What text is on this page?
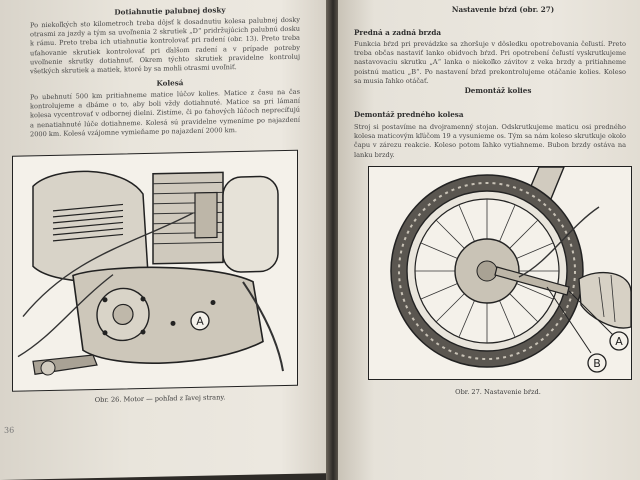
Dotiahnutie palubnej dosky
Po niekoľkých sto kilometroch treba dôjsť k dosadnutiu kolesa palubnej dosky otrasmi za jazdy a tým sa uvoľnenia 2 skrutiek „D“ pridržujúcich palubnú dosku k rámu. Preto treba ich utiahnutie kontrolovať pri radení (obr. 13). Preto treba uťahovanie skrutiek kontrolovať pri ďalšom radení a v prípade potreby uvoľnenie skrutky dotiahnuť. Okrem týchto skrutiek pravidelne kontroluj všetkých skrutiek a matiek, ktoré by sa mohli otrasmi uvoľniť.
Kolesá
Po ubehnutí 500 km pritiahneme matice lúčov kolies. Matice z času na čas kontrolujeme a dbáme o to, aby boli vždy dotiahnuté. Matice sa pri lámaní kolesa vycentrovať v odbornej dielni. Zistíme, či po ťahových lúčoch neprecíťujú a nenatiahnuté lúče dotiahneme. Kolesá sú pravidelne vymeníme po najazdení 2000 km. Kolesá vzájomne vymieňame po najazdení 2000 km.
A
Obr. 26. Motor — pohľad z ľavej strany.
36
Nastavenie bŕzd (obr. 27)
Predná a zadná brzda
Funkcia bŕzd pri prevádzke sa zhoršuje v dôsledku opotrebovania čeľustí. Preto treba občas nastaviť lanko obidvoch bŕzd. Pri opotrebení čeľustí vyskrutkujeme nastavovaciu skrutku „A“ lanka o niekoľko závitov z veka brzdy a pritiahneme poistnú maticu „B“. Po nastavení bŕzd prekontrolujeme otáčanie kolies. Koleso sa musia ľahko otáčať.
Demontáž kolies
Demontáž predného kolesa
Stroj si postavíme na dvojramenný stojan. Odskrutkujeme maticu osi predného kolesa maticovým kľúčom 19 a vysunieme os. Tým sa nám koleso skrutkuje okolo čapu v zárezu reakcie. Koleso potom ľahko vytiahneme. Bubon brzdy ostáva na lanku brzdy.
A
B
Obr. 27. Nastavenie bŕzd.
